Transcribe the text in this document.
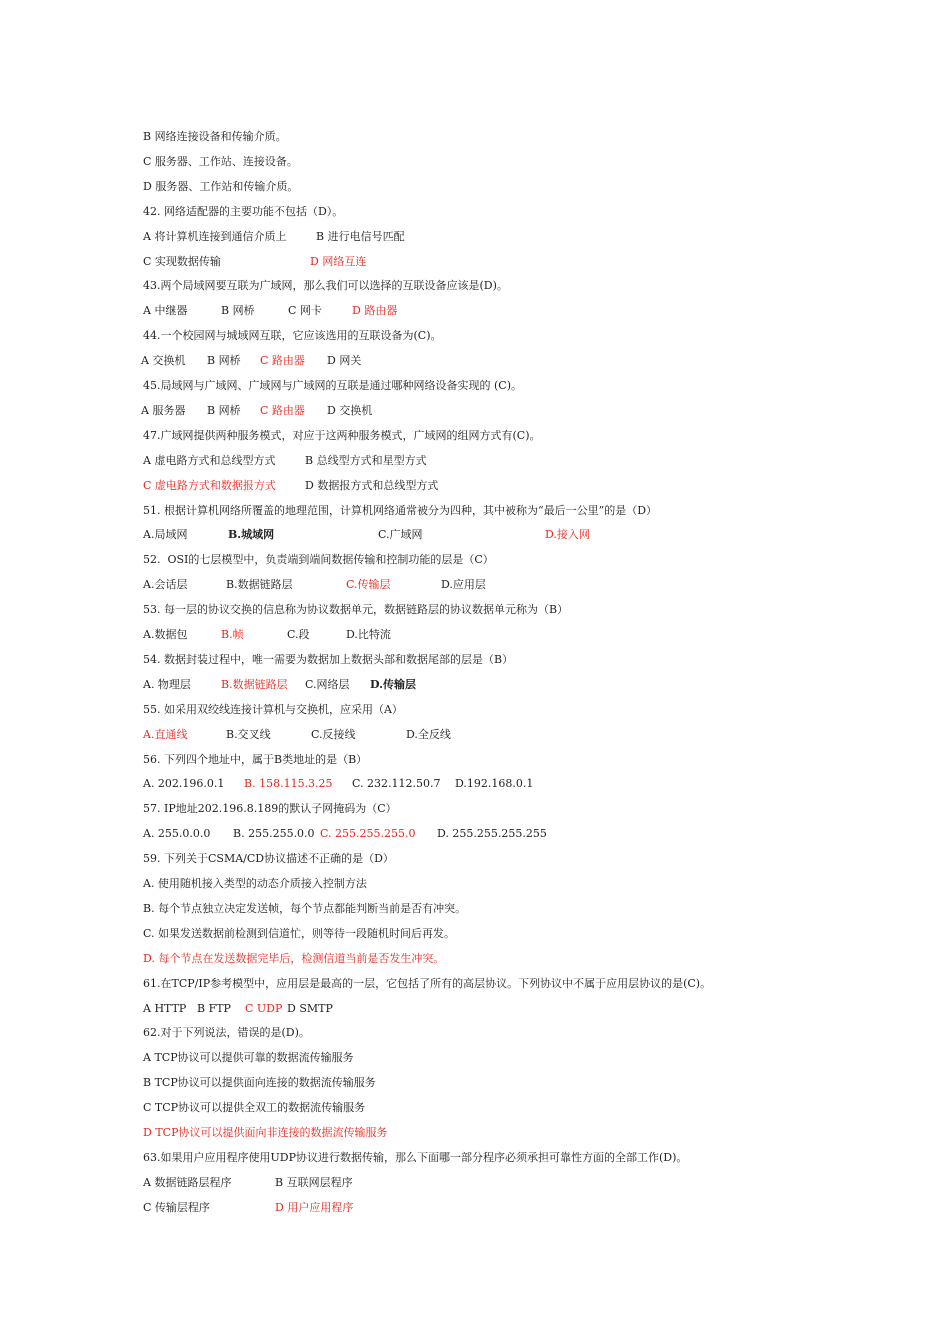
B 网络连接设备和传输介质。
C 服务器、工作站、连接设备。
D 服务器、工作站和传输介质。
42. 网络适配器的主要功能不包括（D）。
A 将计算机连接到通信介质上	B 进行电信号匹配
C 实现数据传输	D 网络互连
43.两个局域网要互联为广域网，那么我们可以选择的互联设备应该是(D)。
A 中继器	B 网桥	C 网卡	D 路由器
44.一个校园网与城域网互联，它应该选用的互联设备为(C)。
A 交换机 B 网桥 C 路由器 D 网关
45.局域网与广域网、广域网与广域网的互联是通过哪种网络设备实现的 (C)。
A 服务器 B 网桥 C 路由器 D 交换机
47.广域网提供两种服务模式，对应于这两种服务模式，广域网的组网方式有(C)。
A 虚电路方式和总线型方式	B 总线型方式和星型方式
C 虚电路方式和数据报方式	D 数据报方式和总线型方式
51. 根据计算机网络所覆盖的地理范围，计算机网络通常被分为四种，其中被称为“最后一公里”的是（D）
A.局域网	B.城域网	C.广域网	D.接入网
52.  OSI的七层模型中，负责端到端间数据传输和控制功能的层是（C）
A.会话层	B.数据链路层	C.传输层	D.应用层
53. 每一层的协议交换的信息称为协议数据单元，数据链路层的协议数据单元称为（B）
A.数据包	B.帧	C.段	D.比特流
54. 数据封装过程中，唯一需要为数据加上数据头部和数据尾部的层是（B）
A. 物理层	B.数据链路层 C.网络层 D.传输层
55. 如采用双绞线连接计算机与交换机，应采用（A）
A.直通线	B.交叉线	C.反接线	D.全反线
56. 下列四个地址中，属于B类地址的是（B）
A. 202.196.0.1 B. 158.115.3.25 C. 232.112.50.7 D.192.168.0.1
57. IP地址202.196.8.189的默认子网掩码为（C）
A. 255.0.0.0 B. 255.255.0.0 C. 255.255.255.0 D. 255.255.255.255
59. 下列关于CSMA/CD协议描述不正确的是（D）
A. 使用随机接入类型的动态介质接入控制方法
B. 每个节点独立决定发送帧，每个节点都能判断当前是否有冲突。
C. 如果发送数据前检测到信道忙，则等待一段随机时间后再发。
D. 每个节点在发送数据完毕后，检测信道当前是否发生冲突。
61.在TCP/IP参考模型中，应用层是最高的一层，它包括了所有的高层协议。下列协议中不属于应用层协议的是(C)。
A HTTP B FTP C UDP D SMTP
62.对于下列说法，错误的是(D)。
A TCP协议可以提供可靠的数据流传输服务
B TCP协议可以提供面向连接的数据流传输服务
C TCP协议可以提供全双工的数据流传输服务
D TCP协议可以提供面向非连接的数据流传输服务
63.如果用户应用程序使用UDP协议进行数据传输，那么下面哪一部分程序必须承担可靠性方面的全部工作(D)。
A 数据链路层程序	B 互联网层程序
C 传输层程序	D 用户应用程序
